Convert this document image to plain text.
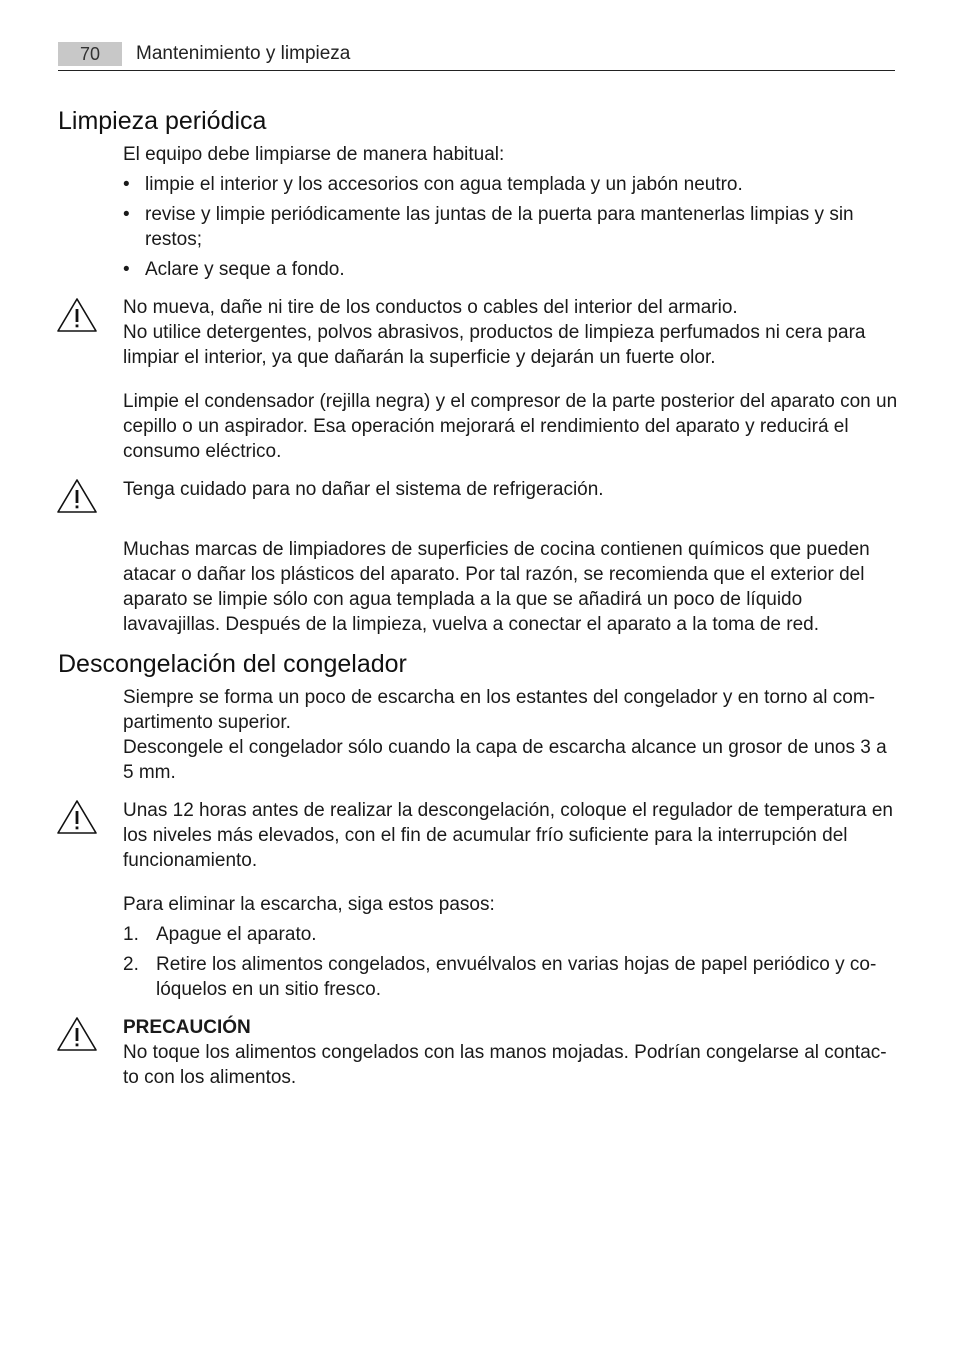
70	Mantenimiento y limpieza
Limpieza periódica

El equipo debe limpiarse de manera habitual:

• limpie el interior y los accesorios con agua templada y un jabón neutro.
• revise y limpie periódicamente las juntas de la puerta para mantenerlas limpias y sin restos;
• Aclare y seque a fondo.

No mueva, dañe ni tire de los conductos o cables del interior del armario.

No utilice detergentes, polvos abrasivos, productos de limpieza perfumados ni cera para limpiar el interior, ya que dañarán la superficie y dejarán un fuerte olor.

Limpie el condensador (rejilla negra) y el compresor de la parte posterior del aparato con un cepillo o un aspirador. Esa operación mejorará el rendimiento del aparato y reducirá el consumo eléctrico.

Tenga cuidado para no dañar el sistema de refrigeración.

Muchas marcas de limpiadores de superficies de cocina contienen químicos que pueden atacar o dañar los plásticos del aparato. Por tal razón, se recomienda que el exterior del aparato se limpie sólo con agua templada a la que se añadirá un poco de líquido lavavajillas. Después de la limpieza, vuelva a conectar el aparato a la toma de red.

Descongelación del congelador

Siempre se forma un poco de escarcha en los estantes del congelador y en torno al com-partimento superior.

Descongele el congelador sólo cuando la capa de escarcha alcance un grosor de unos 3 a 5 mm.

Unas 12 horas antes de realizar la descongelación, coloque el regulador de temperatura en los niveles más elevados, con el fin de acumular frío suficiente para la interrupción del funcionamiento.

Para eliminar la escarcha, siga estos pasos:

1. Apague el aparato.
2. Retire los alimentos congelados, envuélvalos en varias hojas de papel periódico y co-lóquelos en un sitio fresco.

PRECAUCIÓN

No toque los alimentos congelados con las manos mojadas. Podrían congelarse al contac-to con los alimentos.
